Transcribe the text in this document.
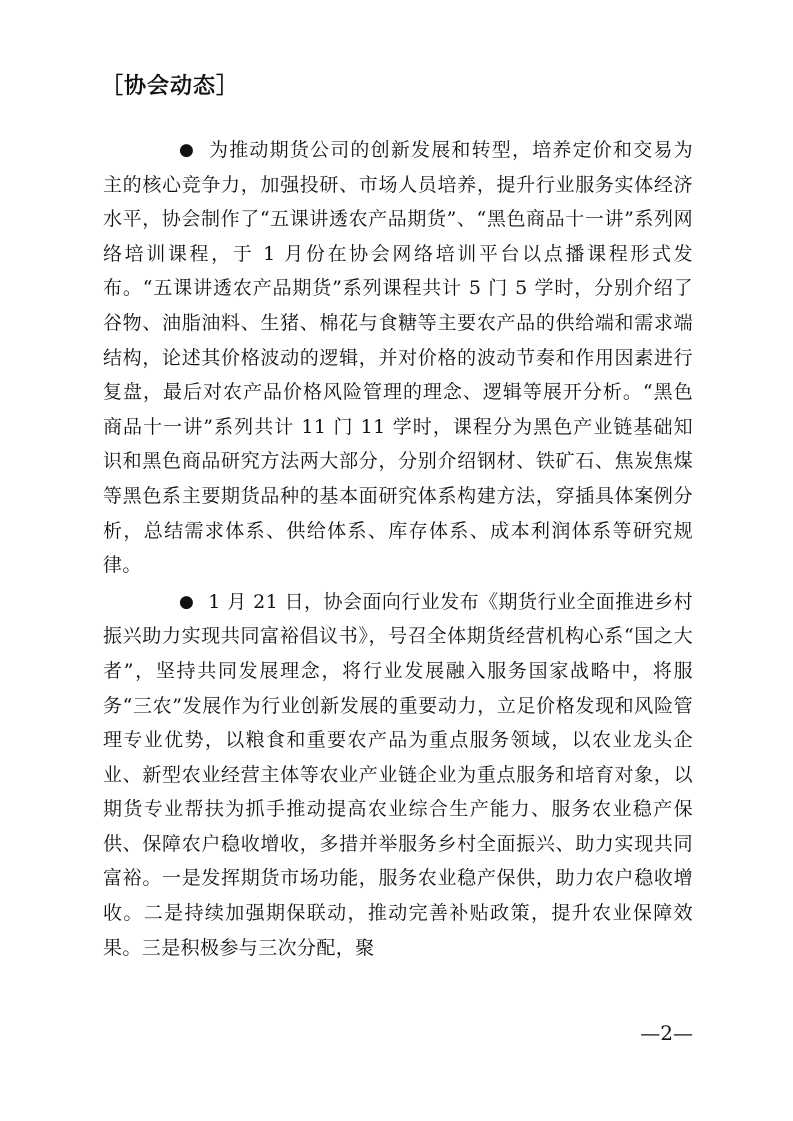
［协会动态］

● 为推动期货公司的创新发展和转型，培养定价和交易为主的核心竞争力，加强投研、市场人员培养，提升行业服务实体经济水平，协会制作了“五课讲透农产品期货”、“黑色商品十一讲”系列网络培训课程，于 1 月份在协会网络培训平台以点播课程形式发布。“五课讲透农产品期货”系列课程共计 5 门 5 学时，分别介绍了谷物、油脂油料、生猪、棉花与食糖等主要农产品的供给端和需求端结构，论述其价格波动的逻辑，并对价格的波动节奏和作用因素进行复盘，最后对农产品价格风险管理的理念、逻辑等展开分析。“黑色商品十一讲”系列共计 11 门 11 学时，课程分为黑色产业链基础知识和黑色商品研究方法两大部分，分别介绍钢材、铁矿石、焦炭焦煤等黑色系主要期货品种的基本面研究体系构建方法，穿插具体案例分析，总结需求体系、供给体系、库存体系、成本利润体系等研究规律。

● 1 月 21 日，协会面向行业发布《期货行业全面推进乡村振兴助力实现共同富裕倡议书》，号召全体期货经营机构心系“国之大者”，坚持共同发展理念，将行业发展融入服务国家战略中，将服务“三农”发展作为行业创新发展的重要动力，立足价格发现和风险管理专业优势，以粮食和重要农产品为重点服务领域，以农业龙头企业、新型农业经营主体等农业产业链企业为重点服务和培育对象，以期货专业帮扶为抓手推动提高农业综合生产能力、服务农业稳产保供、保障农户稳收增收，多措并举服务乡村全面振兴、助力实现共同富裕。一是发挥期货市场功能，服务农业稳产保供，助力农户稳收增收。二是持续加强期保联动，推动完善补贴政策，提升农业保障效果。三是积极参与三次分配，聚

—2—
